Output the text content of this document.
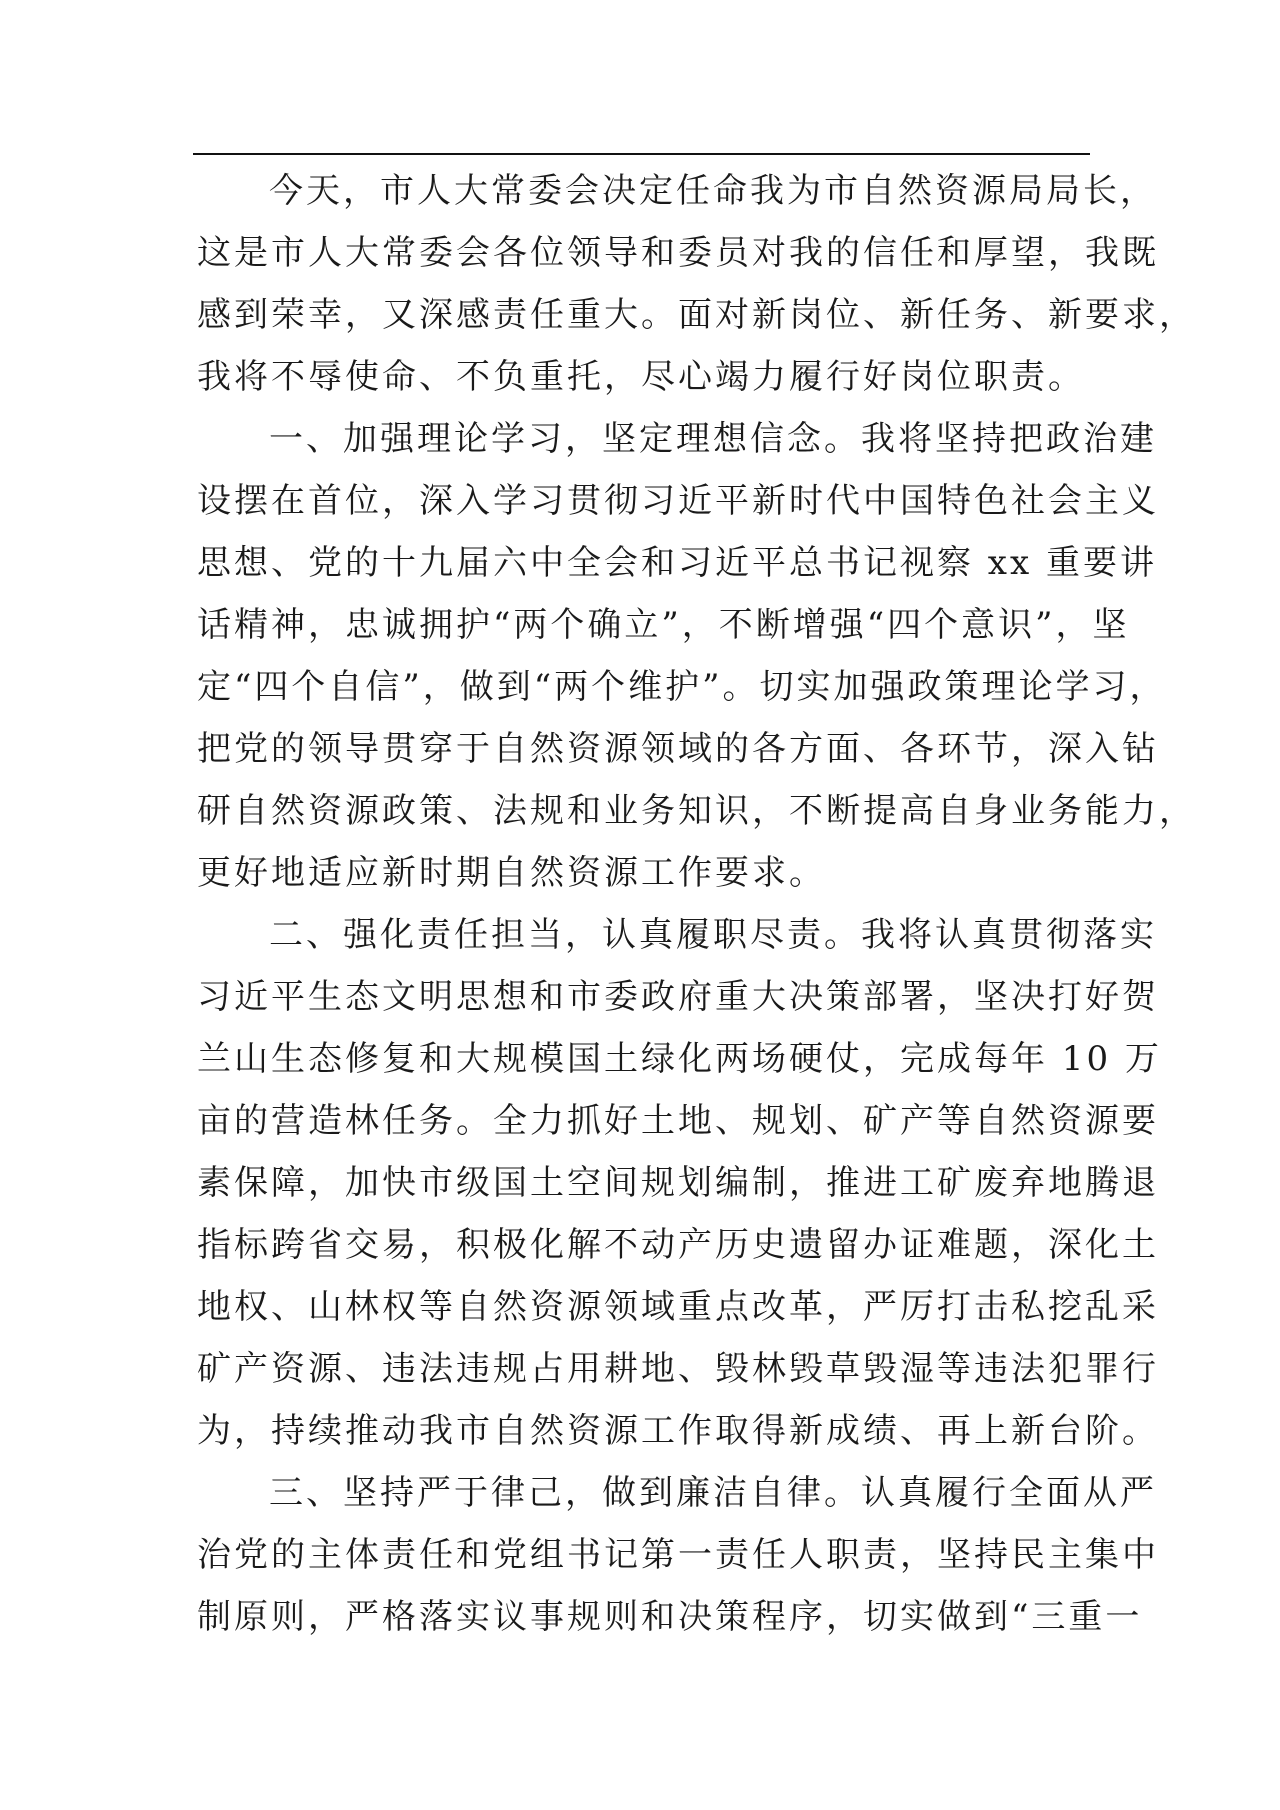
今天，市人大常委会决定任命我为市自然资源局局长，
这是市人大常委会各位领导和委员对我的信任和厚望，我既
感到荣幸，又深感责任重大。面对新岗位、新任务、新要求，
我将不辱使命、不负重托，尽心竭力履行好岗位职责。
一、加强理论学习，坚定理想信念。我将坚持把政治建
设摆在首位，深入学习贯彻习近平新时代中国特色社会主义
思想、党的十九届六中全会和习近平总书记视察 xx 重要讲
话精神，忠诚拥护“两个确立”，不断增强“四个意识”，坚
定“四个自信”，做到“两个维护”。切实加强政策理论学习，
把党的领导贯穿于自然资源领域的各方面、各环节，深入钻
研自然资源政策、法规和业务知识，不断提高自身业务能力，
更好地适应新时期自然资源工作要求。
二、强化责任担当，认真履职尽责。我将认真贯彻落实
习近平生态文明思想和市委政府重大决策部署，坚决打好贺
兰山生态修复和大规模国土绿化两场硬仗，完成每年 10 万
亩的营造林任务。全力抓好土地、规划、矿产等自然资源要
素保障，加快市级国土空间规划编制，推进工矿废弃地腾退
指标跨省交易，积极化解不动产历史遗留办证难题，深化土
地权、山林权等自然资源领域重点改革，严厉打击私挖乱采
矿产资源、违法违规占用耕地、毁林毁草毁湿等违法犯罪行
为，持续推动我市自然资源工作取得新成绩、再上新台阶。
三、坚持严于律己，做到廉洁自律。认真履行全面从严
治党的主体责任和党组书记第一责任人职责，坚持民主集中
制原则，严格落实议事规则和决策程序，切实做到“三重一
